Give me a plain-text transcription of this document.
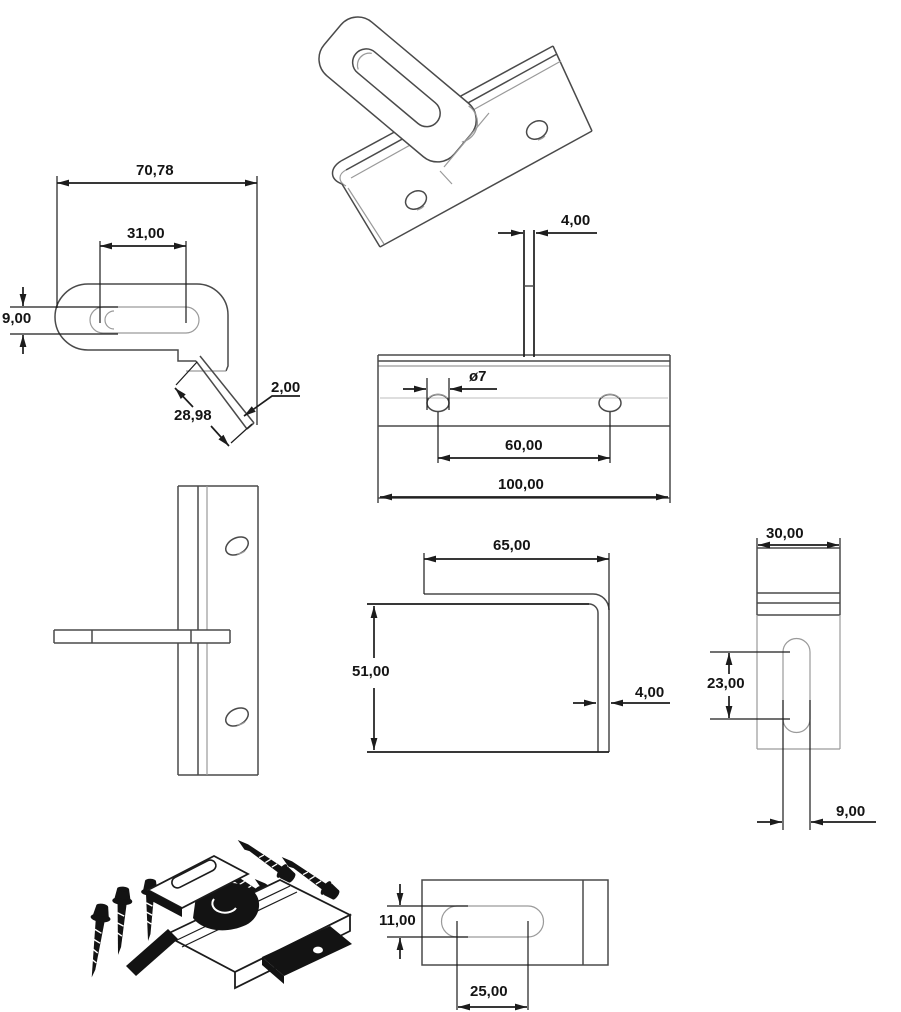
70,78
31,00
9,00
28,98
2,00
4,00
ø7
60,00
100,00
65,00
51,00
4,00
30,00
23,00
9,00
11,00
25,00
